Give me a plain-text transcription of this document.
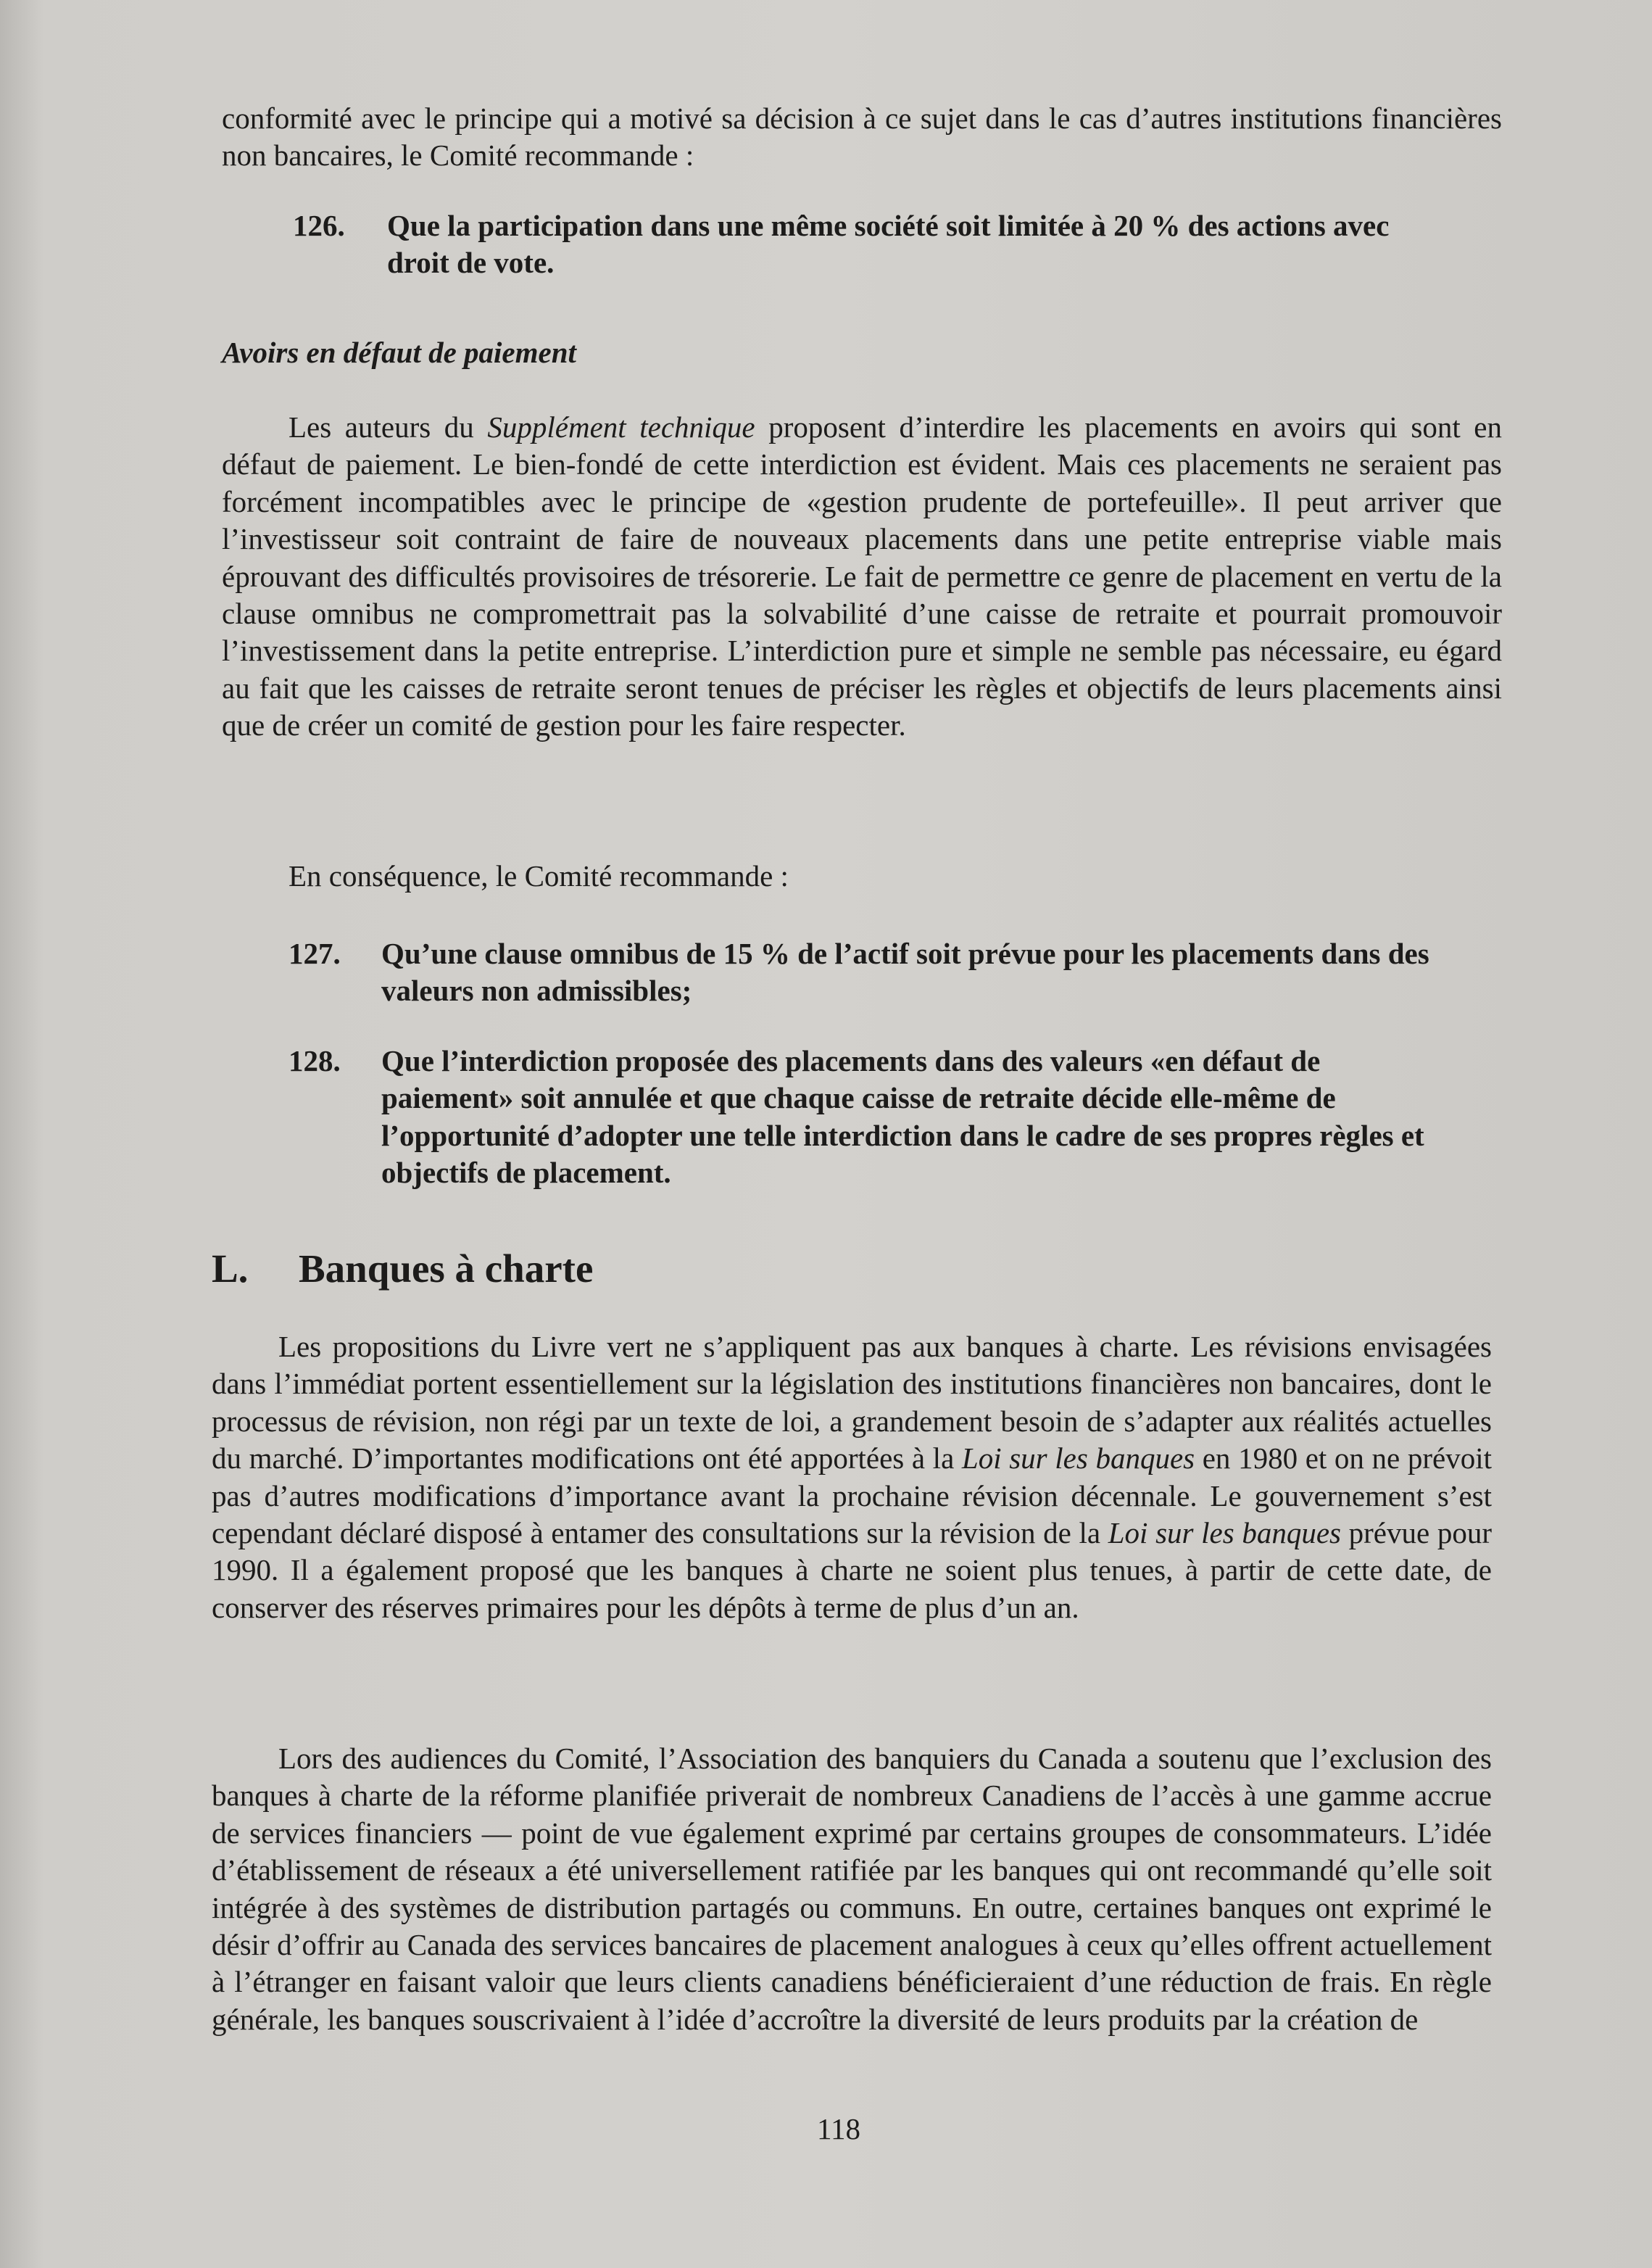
conformité avec le principe qui a motivé sa décision à ce sujet dans le cas d’autres institutions financières non bancaires, le Comité recommande :

126. Que la participation dans une même société soit limitée à 20 % des actions avec droit de vote.

Avoirs en défaut de paiement

Les auteurs du Supplément technique proposent d’interdire les placements en avoirs qui sont en défaut de paiement. Le bien-fondé de cette interdiction est évident. Mais ces placements ne seraient pas forcément incompatibles avec le principe de «gestion prudente de portefeuille». Il peut arriver que l’investisseur soit contraint de faire de nouveaux placements dans une petite entreprise viable mais éprouvant des difficultés provisoires de trésorerie. Le fait de permettre ce genre de placement en vertu de la clause omnibus ne compromettrait pas la solvabilité d’une caisse de retraite et pourrait promouvoir l’investissement dans la petite entreprise. L’interdiction pure et simple ne semble pas nécessaire, eu égard au fait que les caisses de retraite seront tenues de préciser les règles et objectifs de leurs placements ainsi que de créer un comité de gestion pour les faire respecter.

En conséquence, le Comité recommande :

127. Qu’une clause omnibus de 15 % de l’actif soit prévue pour les placements dans des valeurs non admissibles;

128. Que l’interdiction proposée des placements dans des valeurs «en défaut de paiement» soit annulée et que chaque caisse de retraite décide elle-même de l’opportunité d’adopter une telle interdiction dans le cadre de ses propres règles et objectifs de placement.

L. Banques à charte

Les propositions du Livre vert ne s’appliquent pas aux banques à charte. Les révisions envisagées dans l’immédiat portent essentiellement sur la législation des institutions financières non bancaires, dont le processus de révision, non régi par un texte de loi, a grandement besoin de s’adapter aux réalités actuelles du marché. D’importantes modifications ont été apportées à la Loi sur les banques en 1980 et on ne prévoit pas d’autres modifications d’importance avant la prochaine révision décennale. Le gouvernement s’est cependant déclaré disposé à entamer des consultations sur la révision de la Loi sur les banques prévue pour 1990. Il a également proposé que les banques à charte ne soient plus tenues, à partir de cette date, de conserver des réserves primaires pour les dépôts à terme de plus d’un an.

Lors des audiences du Comité, l’Association des banquiers du Canada a soutenu que l’exclusion des banques à charte de la réforme planifiée priverait de nombreux Canadiens de l’accès à une gamme accrue de services financiers — point de vue également exprimé par certains groupes de consommateurs. L’idée d’établissement de réseaux a été universellement ratifiée par les banques qui ont recommandé qu’elle soit intégrée à des systèmes de distribution partagés ou communs. En outre, certaines banques ont exprimé le désir d’offrir au Canada des services bancaires de placement analogues à ceux qu’elles offrent actuellement à l’étranger en faisant valoir que leurs clients canadiens bénéficieraient d’une réduction de frais. En règle générale, les banques souscrivaient à l’idée d’accroître la diversité de leurs produits par la création de

118
